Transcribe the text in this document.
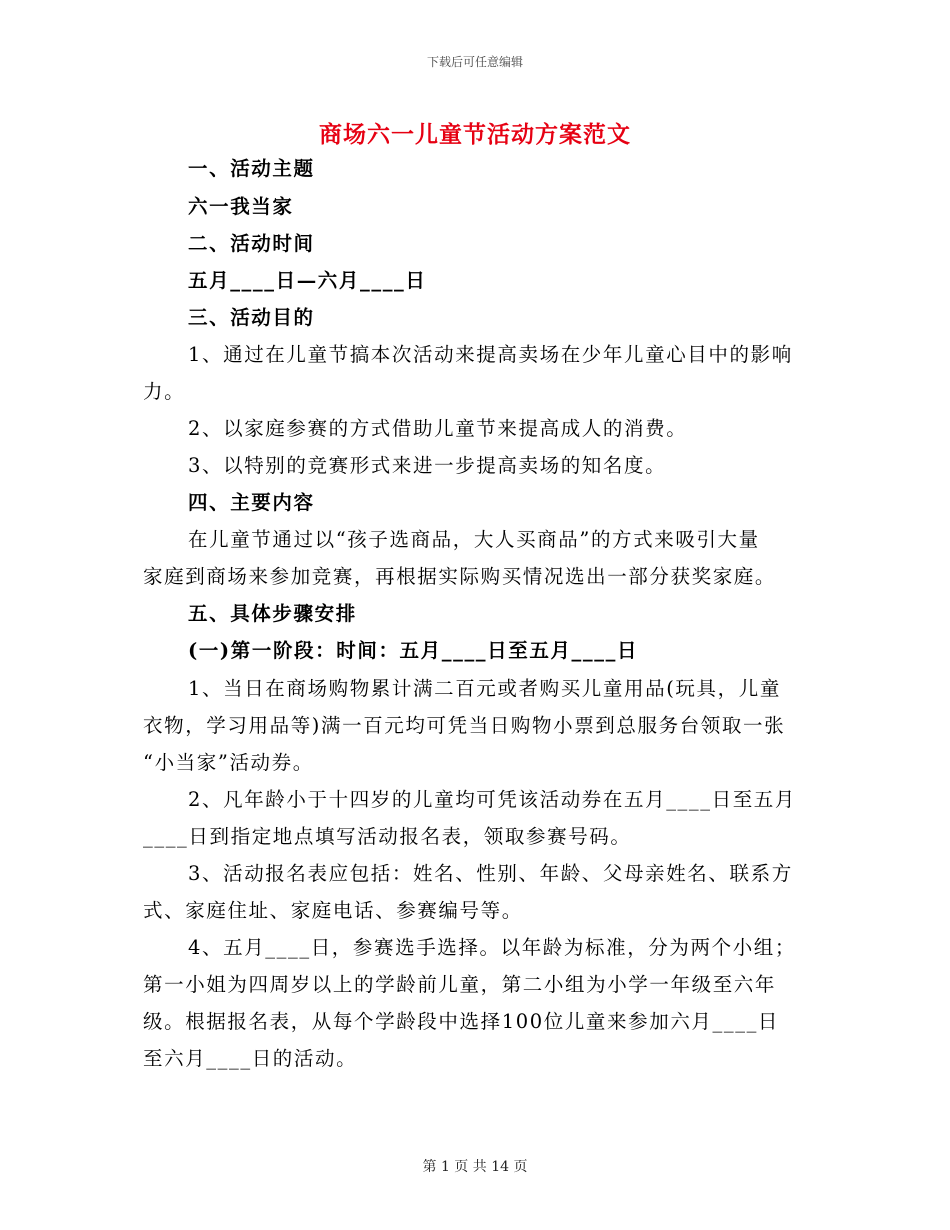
下载后可任意编辑
商场六一儿童节活动方案范文
一、活动主题
六一我当家
二、活动时间
五月____日—六月____日
三、活动目的
1、通过在儿童节搞本次活动来提高卖场在少年儿童心目中的影响
力。
2、以家庭参赛的方式借助儿童节来提高成人的消费。
3、以特别的竞赛形式来进一步提高卖场的知名度。
四、主要内容
在儿童节通过以“孩子选商品，大人买商品”的方式来吸引大量
家庭到商场来参加竞赛，再根据实际购买情况选出一部分获奖家庭。
五、具体步骤安排
(一)第一阶段：时间：五月____日至五月____日
1、当日在商场购物累计满二百元或者购买儿童用品(玩具，儿童
衣物，学习用品等)满一百元均可凭当日购物小票到总服务台领取一张
“小当家”活动券。
2、凡年龄小于十四岁的儿童均可凭该活动券在五月____日至五月
____日到指定地点填写活动报名表，领取参赛号码。
3、活动报名表应包括：姓名、性别、年龄、父母亲姓名、联系方
式、家庭住址、家庭电话、参赛编号等。
4、五月____日，参赛选手选择。以年龄为标准，分为两个小组；
第一小姐为四周岁以上的学龄前儿童，第二小组为小学一年级至六年
级。根据报名表，从每个学龄段中选择100位儿童来参加六月____日
至六月____日的活动。
第 1 页 共 14 页
